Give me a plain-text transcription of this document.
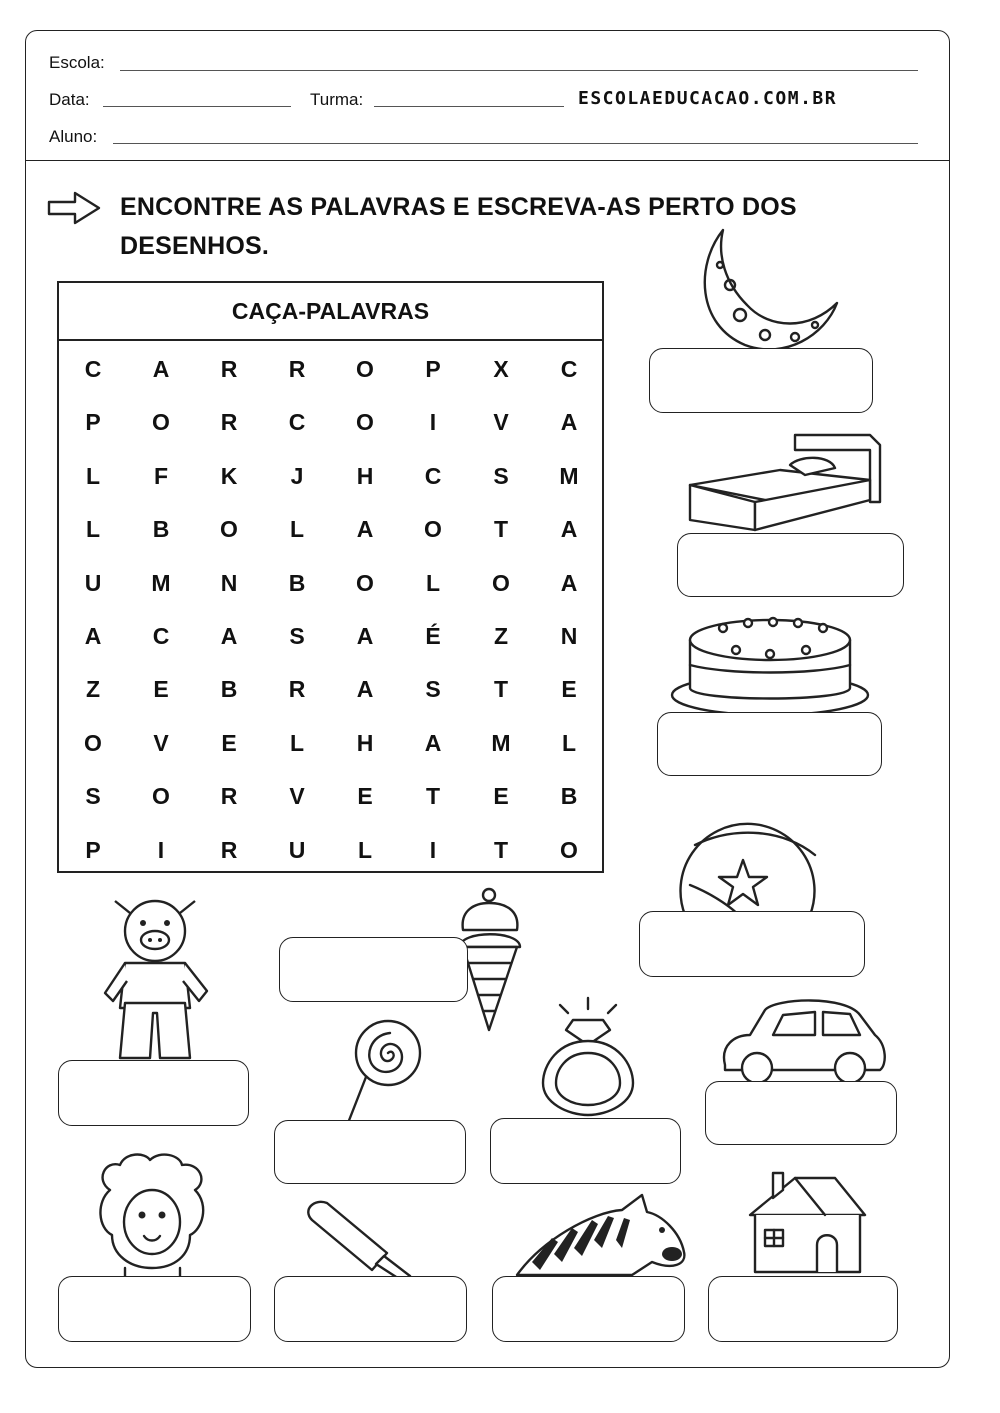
Escola:
Data:	Turma:	ESCOLAEDUCACAO.COM.BR
Aluno:
ENCONTRE AS PALAVRAS E ESCREVA-AS PERTO DOS DESENHOS.
CAÇA-PALAVRAS
C	A	R	R	O	P	X	C
P	O	R	C	O	I	V	A
L	F	K	J	H	C	S	M
L	B	O	L	A	O	T	A
U	M	N	B	O	L	O	A
A	C	A	S	A	É	Z	N
Z	E	B	R	A	S	T	E
O	V	E	L	H	A	M	L
S	O	R	V	E	T	E	B
P	I	R	U	L	I	T	O
